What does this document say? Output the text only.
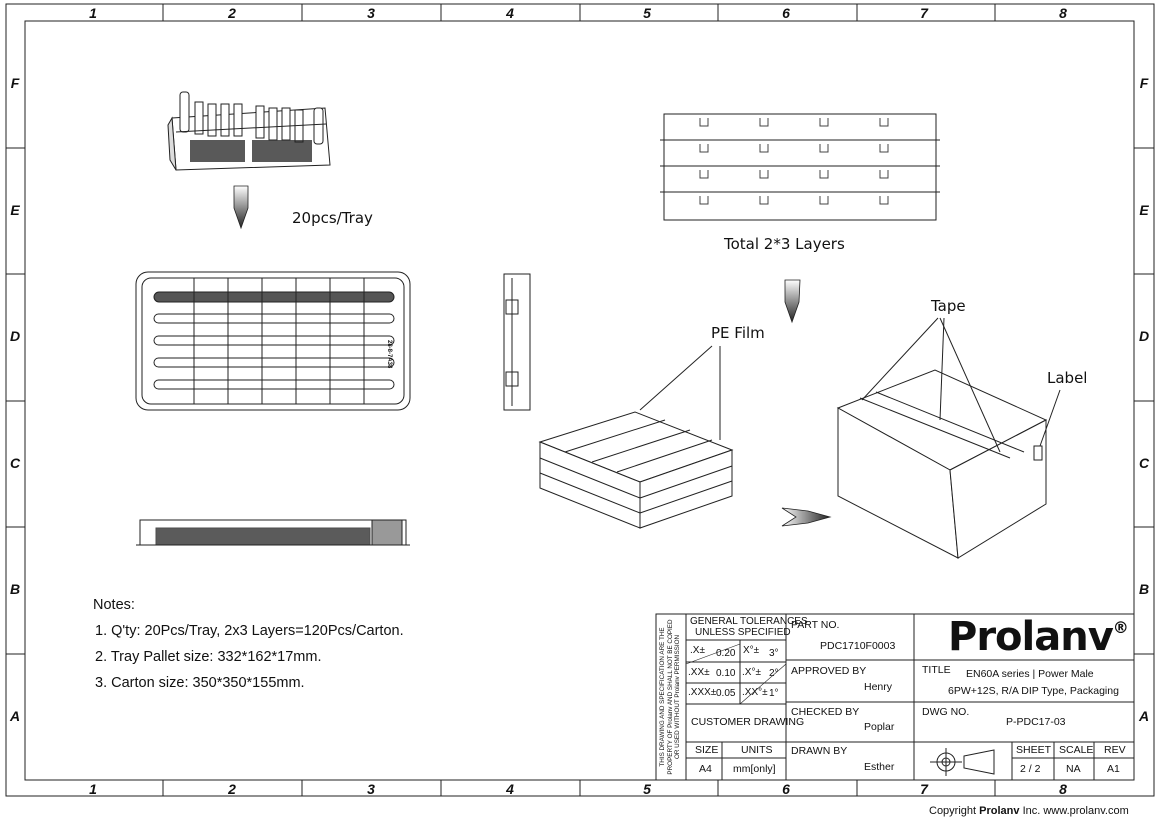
1	2	3	4	5	6	7	8
1	2	3	4	5	6	7	8
F
E
D
C
B
A
F
E
D
C
B
A
20pcs/Tray
Total 2*3 Layers
PE Film
Tape
Label
28-8-7A38
Notes:
1. Q'ty: 20Pcs/Tray, 2x3 Layers=120Pcs/Carton.
2. Tray Pallet size: 332*162*17mm.
3. Carton size: 350*350*155mm.	THIS DRAWING AND SPECIFICATION ARE THE PROPERTY OF Prolanv AND SHALL NOT BE COPIED OR USED WITHOUT Prolanv PERMISSION
GENERAL TOLERANCES
UNLESS SPECIFIED
.X± 0.20 X°± 3°
.XX± 0.10 .X°± 2°
.XXX± 0.05 .XX°± 1°
CUSTOMER DRAWING
SIZE
A4
UNITS
mm[only]
PART NO.
PDC1710F0003
APPROVED BY
Henry
CHECKED BY
Poplar
DRAWN BY
Esther
Prolanv®
TITLE EN60A series | Power Male
6PW+12S, R/A DIP Type, Packaging
DWG NO.
P-PDC17-03
SHEET
2 / 2
SCALE
NA
REV
A1
Copyright Prolanv Inc. www.prolanv.com
